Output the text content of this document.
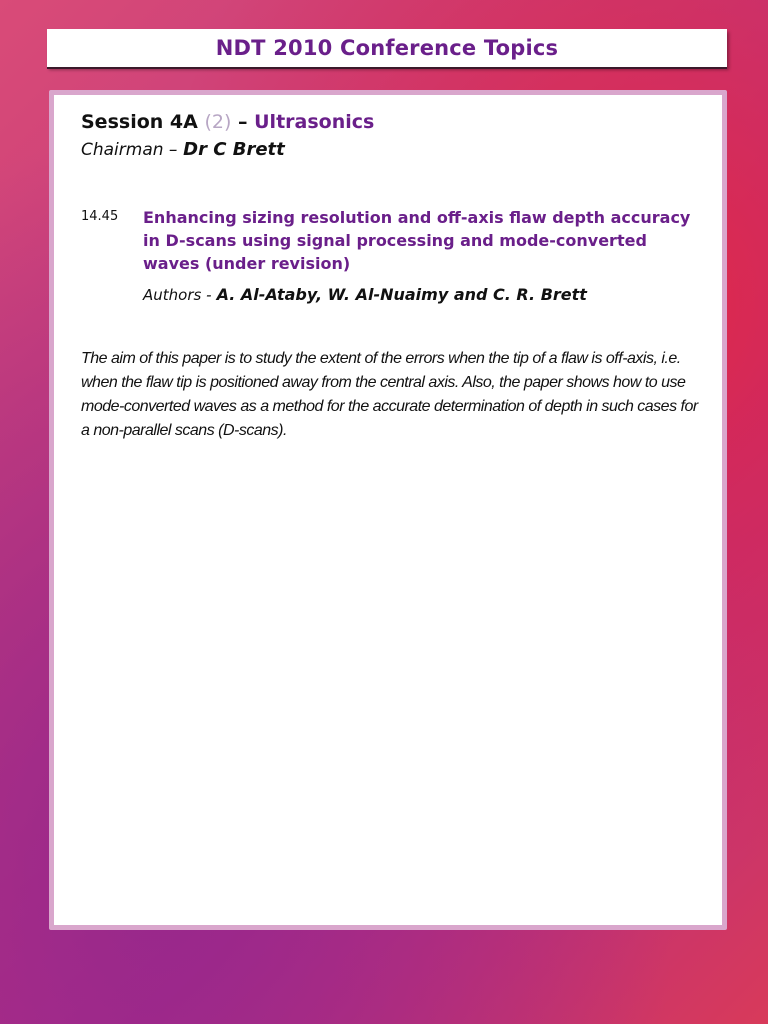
NDT 2010 Conference Topics
Session 4A (2) – Ultrasonics
Chairman – Dr C Brett
14.45 Enhancing sizing resolution and off-axis flaw depth accuracy in D-scans using signal processing and mode-converted waves (under revision)

Authors - A. Al-Ataby, W. Al-Nuaimy and C. R. Brett

The aim of this paper is to study the extent of the errors when the tip of a flaw is off-axis, i.e. when the flaw tip is positioned away from the central axis. Also, the paper shows how to use mode-converted waves as a method for the accurate determination of depth in such cases for a non-parallel scans (D-scans).
